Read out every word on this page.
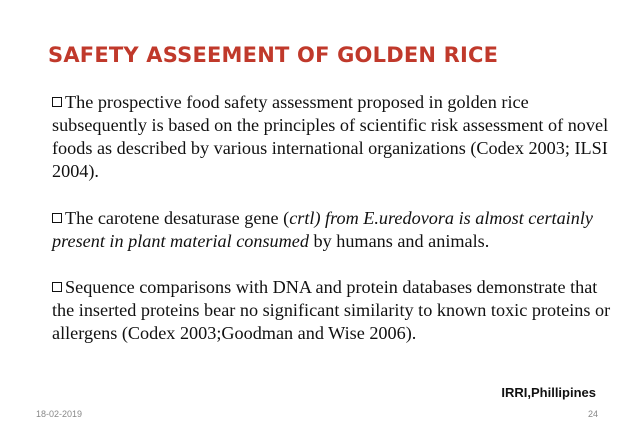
SAFETY ASSEEMENT OF GOLDEN RICE
The prospective food safety assessment proposed in golden rice subsequently is based on the principles of scientific risk assessment of novel foods as described by various international organizations (Codex 2003; ILSI 2004).
The carotene desaturase gene (crtl) from E.uredovora is almost certainly present in plant material consumed by humans and animals.
Sequence comparisons with DNA and protein databases demonstrate that the inserted proteins bear no significant similarity to known toxic proteins or allergens (Codex 2003;Goodman and Wise 2006).
IRRI,Phillipines
18-02-2019	24
